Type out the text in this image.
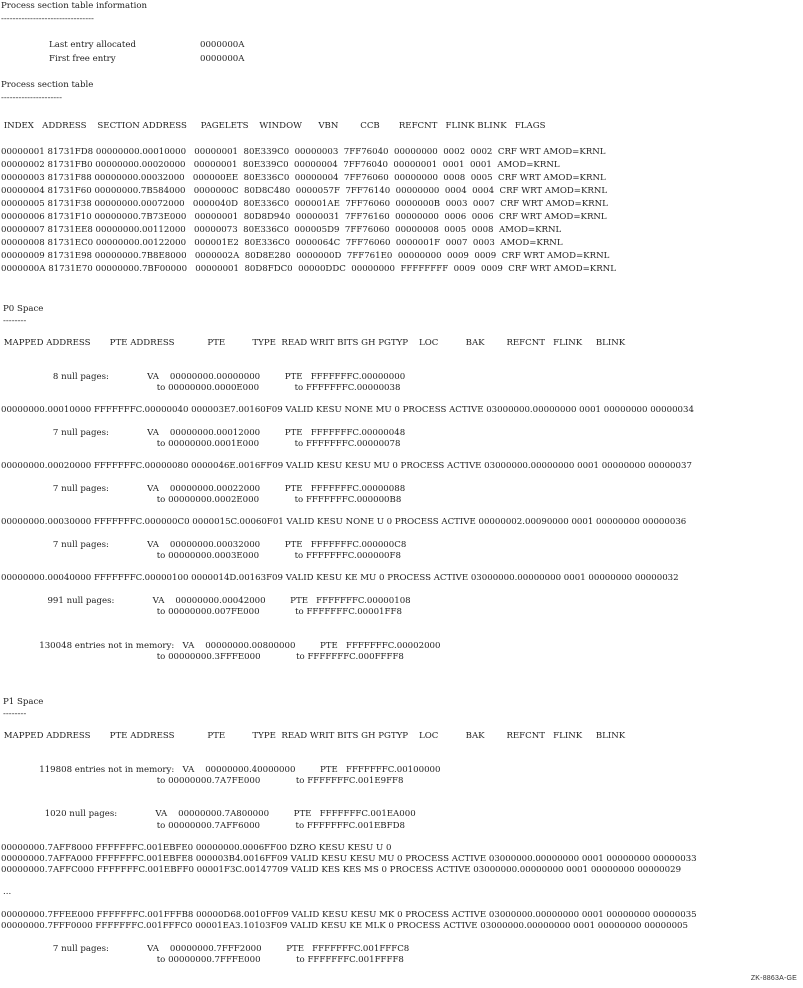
Process section table information
--------------------------------
Last entry allocated	0000000A
First free entry	0000000A
Process section table
---------------------
INDEX   ADDRESS    SECTION ADDRESS     PAGELETS    WINDOW      VBN        CCB       REFCNT   FLINK BLINK   FLAGS
00000001 81731FD8 00000000.00010000   00000001  80E339C0  00000003  7FF76040  00000000  0002  0002  CRF WRT AMOD=KRNL
00000002 81731FB0 00000000.00020000   00000001  80E339C0  00000004  7FF76040  00000001  0001  0001  AMOD=KRNL
00000003 81731F88 00000000.00032000   000000EE  80E336C0  00000004  7FF76060  00000000  0008  0005  CRF WRT AMOD=KRNL
00000004 81731F60 00000000.7B584000   0000000C  80D8C480  0000057F  7FF76140  00000000  0004  0004  CRF WRT AMOD=KRNL
00000005 81731F38 00000000.00072000   0000040D  80E336C0  000001AE  7FF76060  0000000B  0003  0007  CRF WRT AMOD=KRNL
00000006 81731F10 00000000.7B73E000   00000001  80D8D940  00000031  7FF76160  00000000  0006  0006  CRF WRT AMOD=KRNL
00000007 81731EE8 00000000.00112000   00000073  80E336C0  000005D9  7FF76060  00000008  0005  0008  AMOD=KRNL
00000008 81731EC0 00000000.00122000   000001E2  80E336C0  0000064C  7FF76060  0000001F  0007  0003  AMOD=KRNL
00000009 81731E98 00000000.7B8E8000   0000002A  80D8E280  0000000D  7FF761E0  00000000  0009  0009  CRF WRT AMOD=KRNL
0000000A 81731E70 00000000.7BF00000   00000001  80D8FDC0  00000DDC  00000000  FFFFFFFF  0009  0009  CRF WRT AMOD=KRNL
P0 Space
--------
MAPPED ADDRESS       PTE ADDRESS            PTE          TYPE  READ WRIT BITS GH PGTYP    LOC          BAK        REFCNT   FLINK     BLINK
8 null pages:              VA    00000000.00000000         PTE   FFFFFFFC.00000000
to 00000000.0000E000             to FFFFFFFC.00000038
00000000.00010000 FFFFFFFC.00000040 000003E7.00160F09 VALID KESU NONE MU 0 PROCESS ACTIVE 03000000.00000000 0001 00000000 00000034
7 null pages:              VA    00000000.00012000         PTE   FFFFFFFC.00000048
to 00000000.0001E000             to FFFFFFFC.00000078
00000000.00020000 FFFFFFFC.00000080 0000046E.0016FF09 VALID KESU KESU MU 0 PROCESS ACTIVE 03000000.00000000 0001 00000000 00000037
7 null pages:              VA    00000000.00022000         PTE   FFFFFFFC.00000088
to 00000000.0002E000             to FFFFFFFC.000000B8
00000000.00030000 FFFFFFFC.000000C0 0000015C.00060F01 VALID KESU NONE U 0 PROCESS ACTIVE 00000002.00090000 0001 00000000 00000036
7 null pages:              VA    00000000.00032000         PTE   FFFFFFFC.000000C8
to 00000000.0003E000             to FFFFFFFC.000000F8
00000000.00040000 FFFFFFFC.00000100 0000014D.00163F09 VALID KESU KE MU 0 PROCESS ACTIVE 03000000.00000000 0001 00000000 00000032
991 null pages:              VA    00000000.00042000         PTE   FFFFFFFC.00000108
to 00000000.007FE000             to FFFFFFFC.00001FF8
130048 entries not in memory:   VA    00000000.00800000         PTE   FFFFFFFC.00002000
to 00000000.3FFFE000             to FFFFFFFC.000FFFF8
P1 Space
--------
MAPPED ADDRESS       PTE ADDRESS            PTE          TYPE  READ WRIT BITS GH PGTYP    LOC          BAK        REFCNT   FLINK     BLINK
119808 entries not in memory:   VA    00000000.40000000         PTE   FFFFFFFC.00100000
to 00000000.7A7FE000             to FFFFFFFC.001E9FF8
1020 null pages:              VA    00000000.7A800000         PTE   FFFFFFFC.001EA000
to 00000000.7AFF6000             to FFFFFFFC.001EBFD8
00000000.7AFF8000 FFFFFFFC.001EBFE0 00000000.0006FF00 DZRO KESU KESU U 0
00000000.7AFFA000 FFFFFFFC.001EBFE8 000003B4.0016FF09 VALID KESU KESU MU 0 PROCESS ACTIVE 03000000.00000000 0001 00000000 00000033
00000000.7AFFC000 FFFFFFFC.001EBFF0 00001F3C.00147709 VALID KES KES MS 0 PROCESS ACTIVE 03000000.00000000 0001 00000000 00000029
...
00000000.7FFEE000 FFFFFFFC.001FFFB8 00000D68.0010FF09 VALID KESU KESU MK 0 PROCESS ACTIVE 03000000.00000000 0001 00000000 00000035
00000000.7FFF0000 FFFFFFFC.001FFFC0 00001EA3.10103F09 VALID KESU KE MLK 0 PROCESS ACTIVE 03000000.00000000 0001 00000000 00000005
7 null pages:              VA    00000000.7FFF2000         PTE   FFFFFFFC.001FFFC8
to 00000000.7FFFE000             to FFFFFFFC.001FFFF8
ZK-8863A-GE
